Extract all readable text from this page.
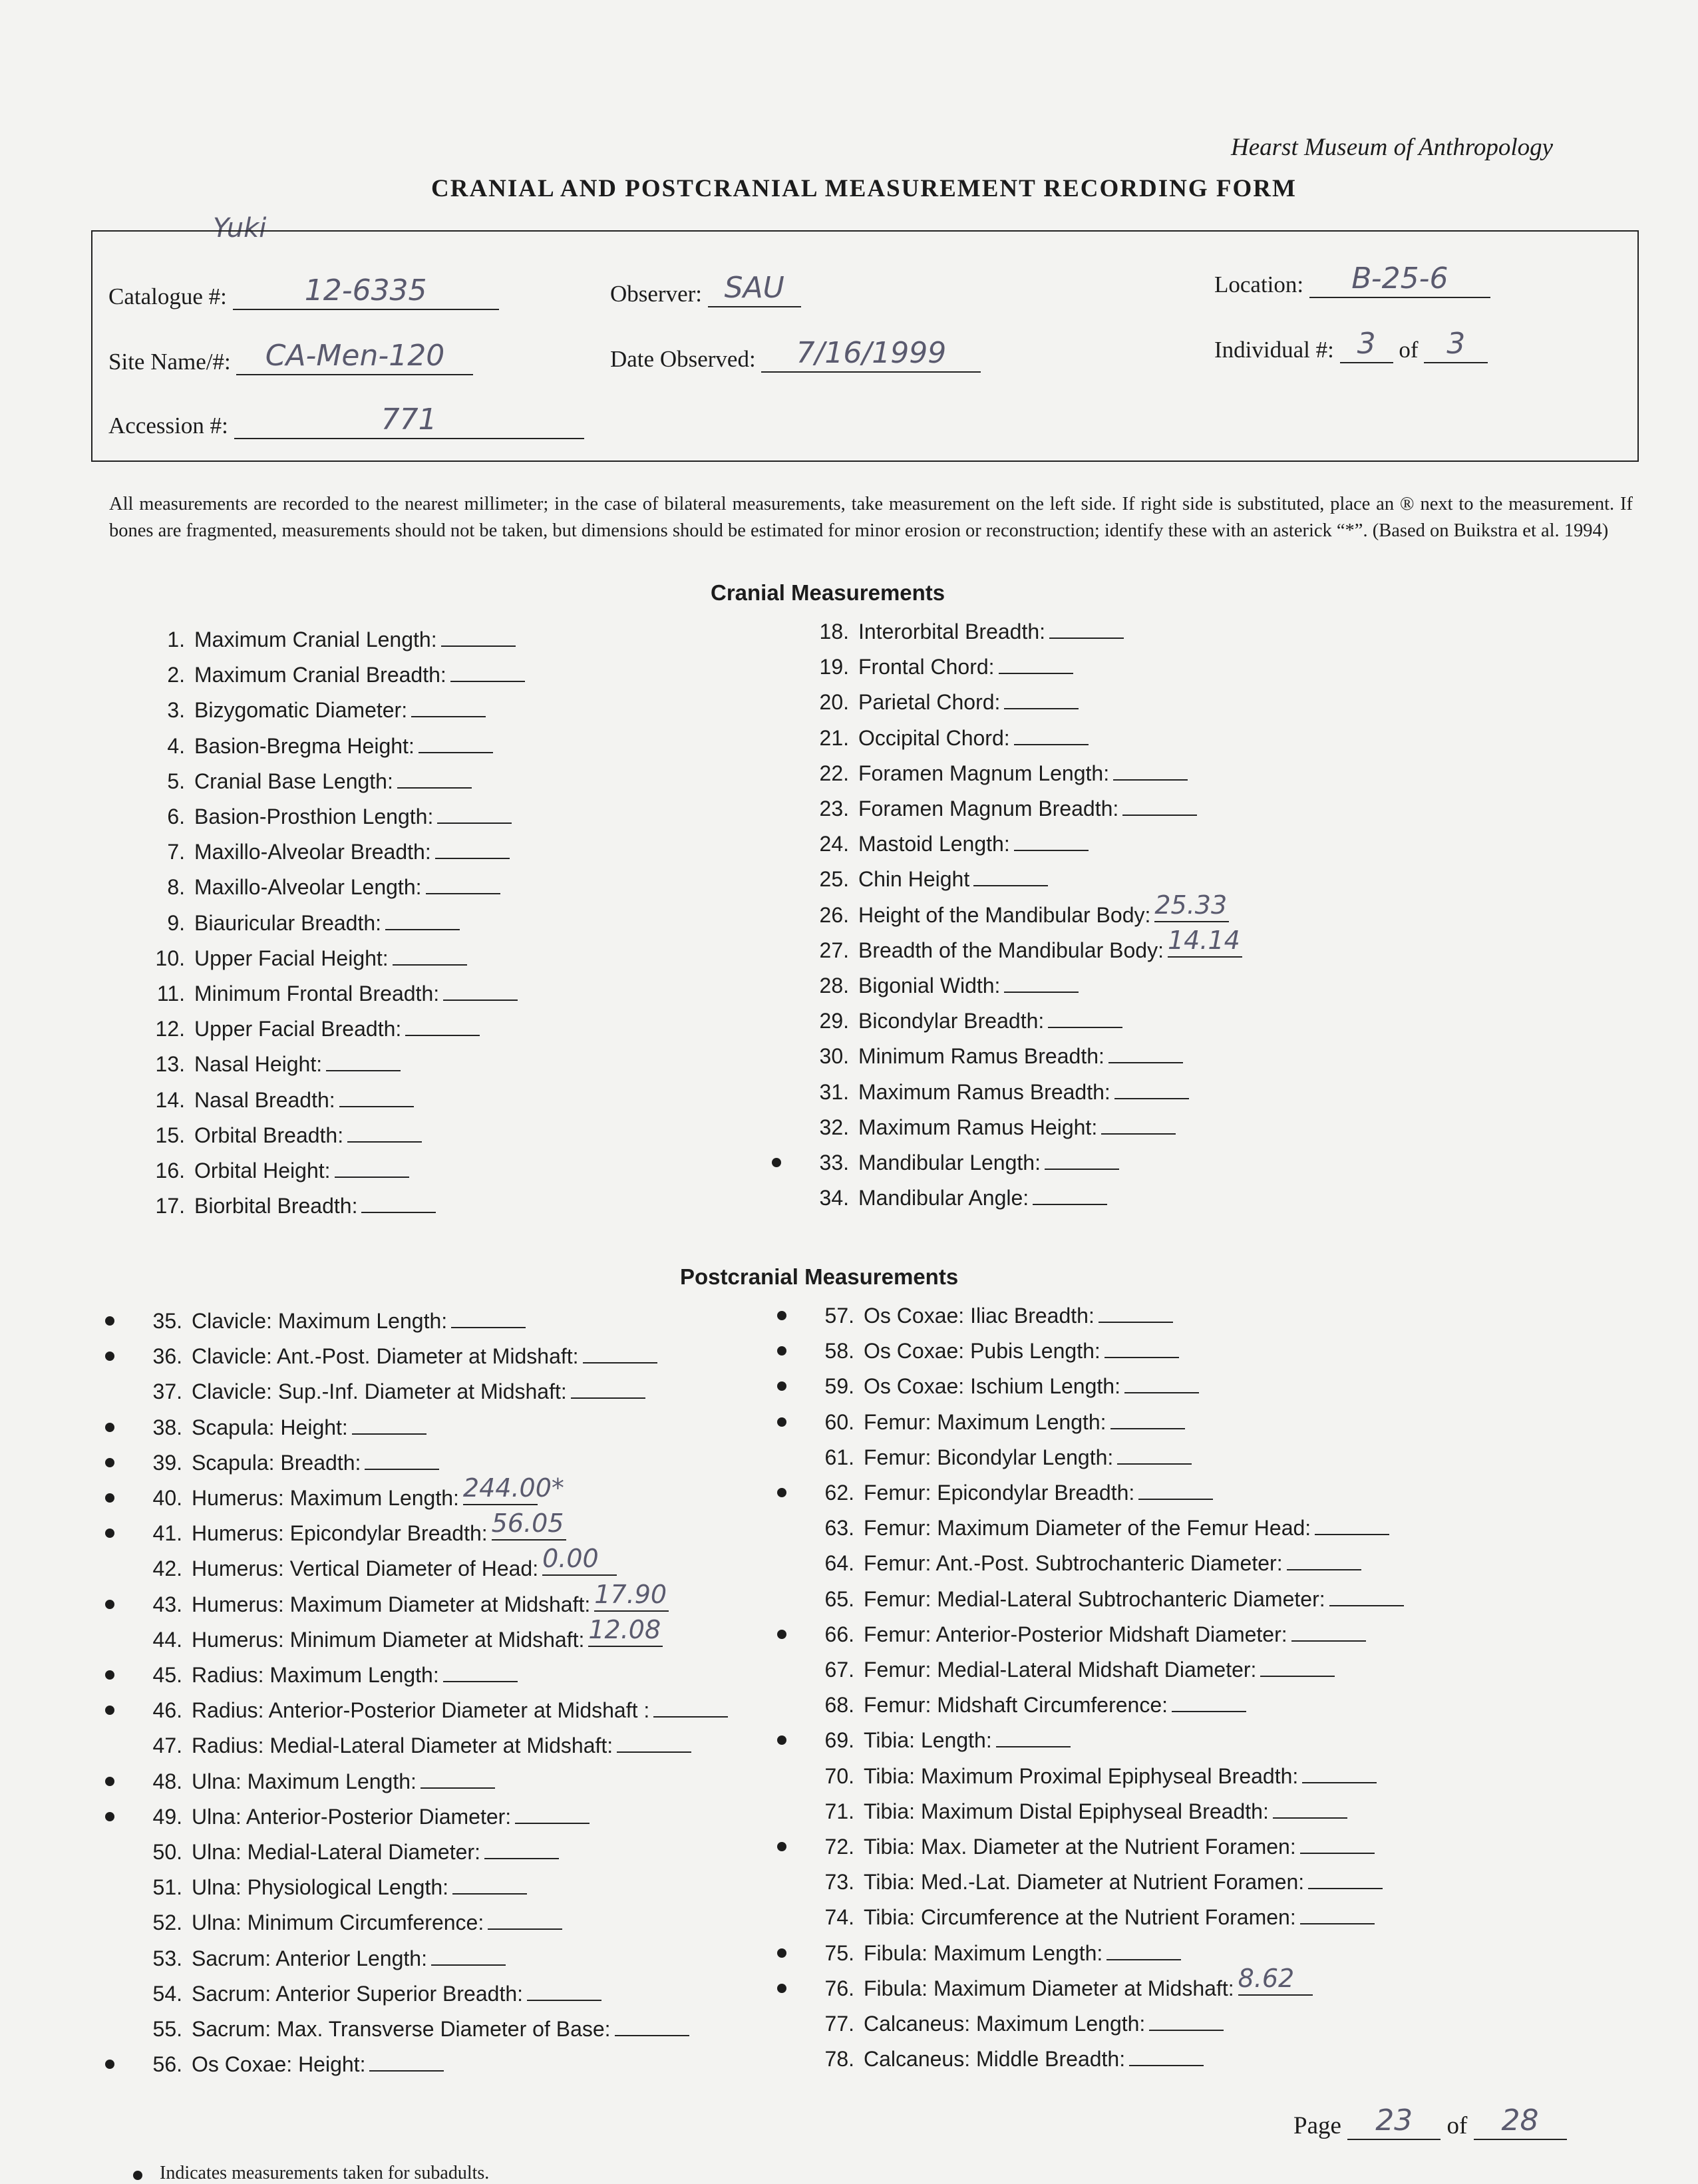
Hearst Museum of Anthropology
CRANIAL AND POSTCRANIAL MEASUREMENT RECORDING FORM
Yuki
Catalogue #:	12-6335	Observer: SAU	Location:	B-25-6
Site Name/#:	CA-Men-120	Date Observed:	7/16/1999	Individual #: 3 of 3
Accession #:	771
All measurements are recorded to the nearest millimeter; in the case of bilateral measurements, take measurement on the left side. If right side is substituted, place an ® next to the measurement. If bones are fragmented, measurements should not be taken, but dimensions should be estimated for minor erosion or reconstruction; identify these with an asterick “*”. (Based on Buikstra et al. 1994)
Cranial Measurements
Postcranial Measurements
1. Maximum Cranial Length:
2. Maximum Cranial Breadth:
3. Bizygomatic Diameter:
4. Basion-Bregma Height:
5. Cranial Base Length:
6. Basion-Prosthion Length:
7. Maxillo-Alveolar Breadth:
8. Maxillo-Alveolar Length:
9. Biauricular Breadth:
10. Upper Facial Height:
11. Minimum Frontal Breadth:
12. Upper Facial Breadth:
13. Nasal Height:
14. Nasal Breadth:
15. Orbital Breadth:
16. Orbital Height:
17. Biorbital Breadth:
18. Interorbital Breadth:
19. Frontal Chord:
20. Parietal Chord:
21. Occipital Chord:
22. Foramen Magnum Length:
23. Foramen Magnum Breadth:
24. Mastoid Length:
25. Chin Height
26. Height of the Mandibular Body: 25.33
27. Breadth of the Mandibular Body: 14.14
28. Bigonial Width:
29. Bicondylar Breadth:
30. Minimum Ramus Breadth:
31. Maximum Ramus Breadth:
32. Maximum Ramus Height:
33. Mandibular Length:
34. Mandibular Angle:
35. Clavicle: Maximum Length:
36. Clavicle: Ant.-Post. Diameter at Midshaft:
37. Clavicle: Sup.-Inf. Diameter at Midshaft:
38. Scapula: Height:
39. Scapula: Breadth:
40. Humerus: Maximum Length: 244.00*
41. Humerus: Epicondylar Breadth: 56.05
42. Humerus: Vertical Diameter of Head: 0.00
43. Humerus: Maximum Diameter at Midshaft: 17.90
44. Humerus: Minimum Diameter at Midshaft: 12.08
45. Radius: Maximum Length:
46. Radius: Anterior-Posterior Diameter at Midshaft :
47. Radius: Medial-Lateral Diameter at Midshaft:
48. Ulna: Maximum Length:
49. Ulna: Anterior-Posterior Diameter:
50. Ulna: Medial-Lateral Diameter:
51. Ulna: Physiological Length:
52. Ulna: Minimum Circumference:
53. Sacrum: Anterior Length:
54. Sacrum: Anterior Superior Breadth:
55. Sacrum: Max. Transverse Diameter of Base:
56. Os Coxae: Height:
57. Os Coxae: Iliac Breadth:
58. Os Coxae: Pubis Length:
59. Os Coxae: Ischium Length:
60. Femur: Maximum Length:
61. Femur: Bicondylar Length:
62. Femur: Epicondylar Breadth:
63. Femur: Maximum Diameter of the Femur Head:
64. Femur: Ant.-Post. Subtrochanteric Diameter:
65. Femur: Medial-Lateral Subtrochanteric Diameter:
66. Femur: Anterior-Posterior Midshaft Diameter:
67. Femur: Medial-Lateral Midshaft Diameter:
68. Femur: Midshaft Circumference:
69. Tibia: Length:
70. Tibia: Maximum Proximal Epiphyseal Breadth:
71. Tibia: Maximum Distal Epiphyseal Breadth:
72. Tibia: Max. Diameter at the Nutrient Foramen:
73. Tibia: Med.-Lat. Diameter at Nutrient Foramen:
74. Tibia: Circumference at the Nutrient Foramen:
75. Fibula: Maximum Length:
76. Fibula: Maximum Diameter at Midshaft: 8.62
77. Calcaneus: Maximum Length:
78. Calcaneus: Middle Breadth:
Page	23	of	28
Indicates measurements taken for subadults.
